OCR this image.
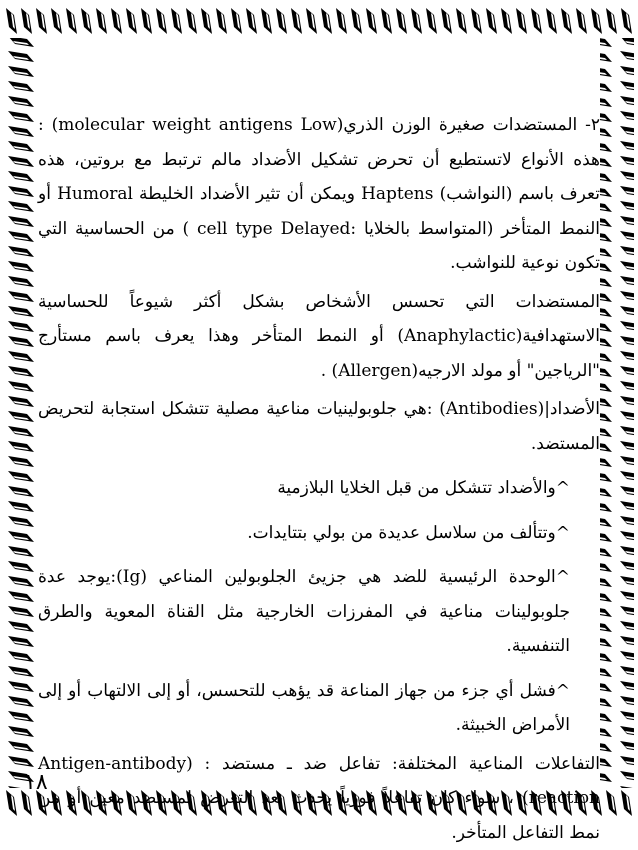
٢- المستضدات صغيرة الوزن الذري(molecular weight antigens Low) : هذه الأنواع لاتستطيع أن تحرض تشكيل الأضداد مالم ترتبط مع بروتين، هذه تعرف باسم (النواشب) Haptens ويمكن أن تثير الأضداد الخليطة Humoral أو النمط المتأخر (المتواسط بالخلايا :cell type Delayed ) من الحساسية التي تكون نوعية للنواشب.

المستضدات التي تحسس الأشخاص بشكل أكثر شيوعاً للحساسية الاستهدافية(Anaphylactic) أو النمط المتأخر وهذا يعرف باسم مستأرج "الرياجين" أو مولد الارجيه(Allergen) .

الأضداد|(Antibodies) :هي جلوبولينيات مناعية مصلية تتشكل استجابة لتحريض المستضد.

^والأضداد تتشكل من قبل الخلايا البلازمية

^وتتألف من سلاسل عديدة من بولي بتتايدات.

^الوحدة الرئيسية للضد هي جزيئ الجلوبولين المناعي (Ig):يوجد عدة جلوبولينات مناعية في المفرزات الخارجية مثل القناة المعوية والطرق التنفسية.

^فشل أي جزء من جهاز المناعة قد يؤهب للتحسس، أو إلى الالتهاب أو إلى الأمراض الخبيثة.

التفاعلات المناعية المختلفة: تفاعل ضد ـ مستضد : (Antigen-antibody reaction) ، سواء كان تفاعلاً فورياً يحدث بعد التعرض لمستضد معين أو من نمط التفاعل المتأخر.

١٨
